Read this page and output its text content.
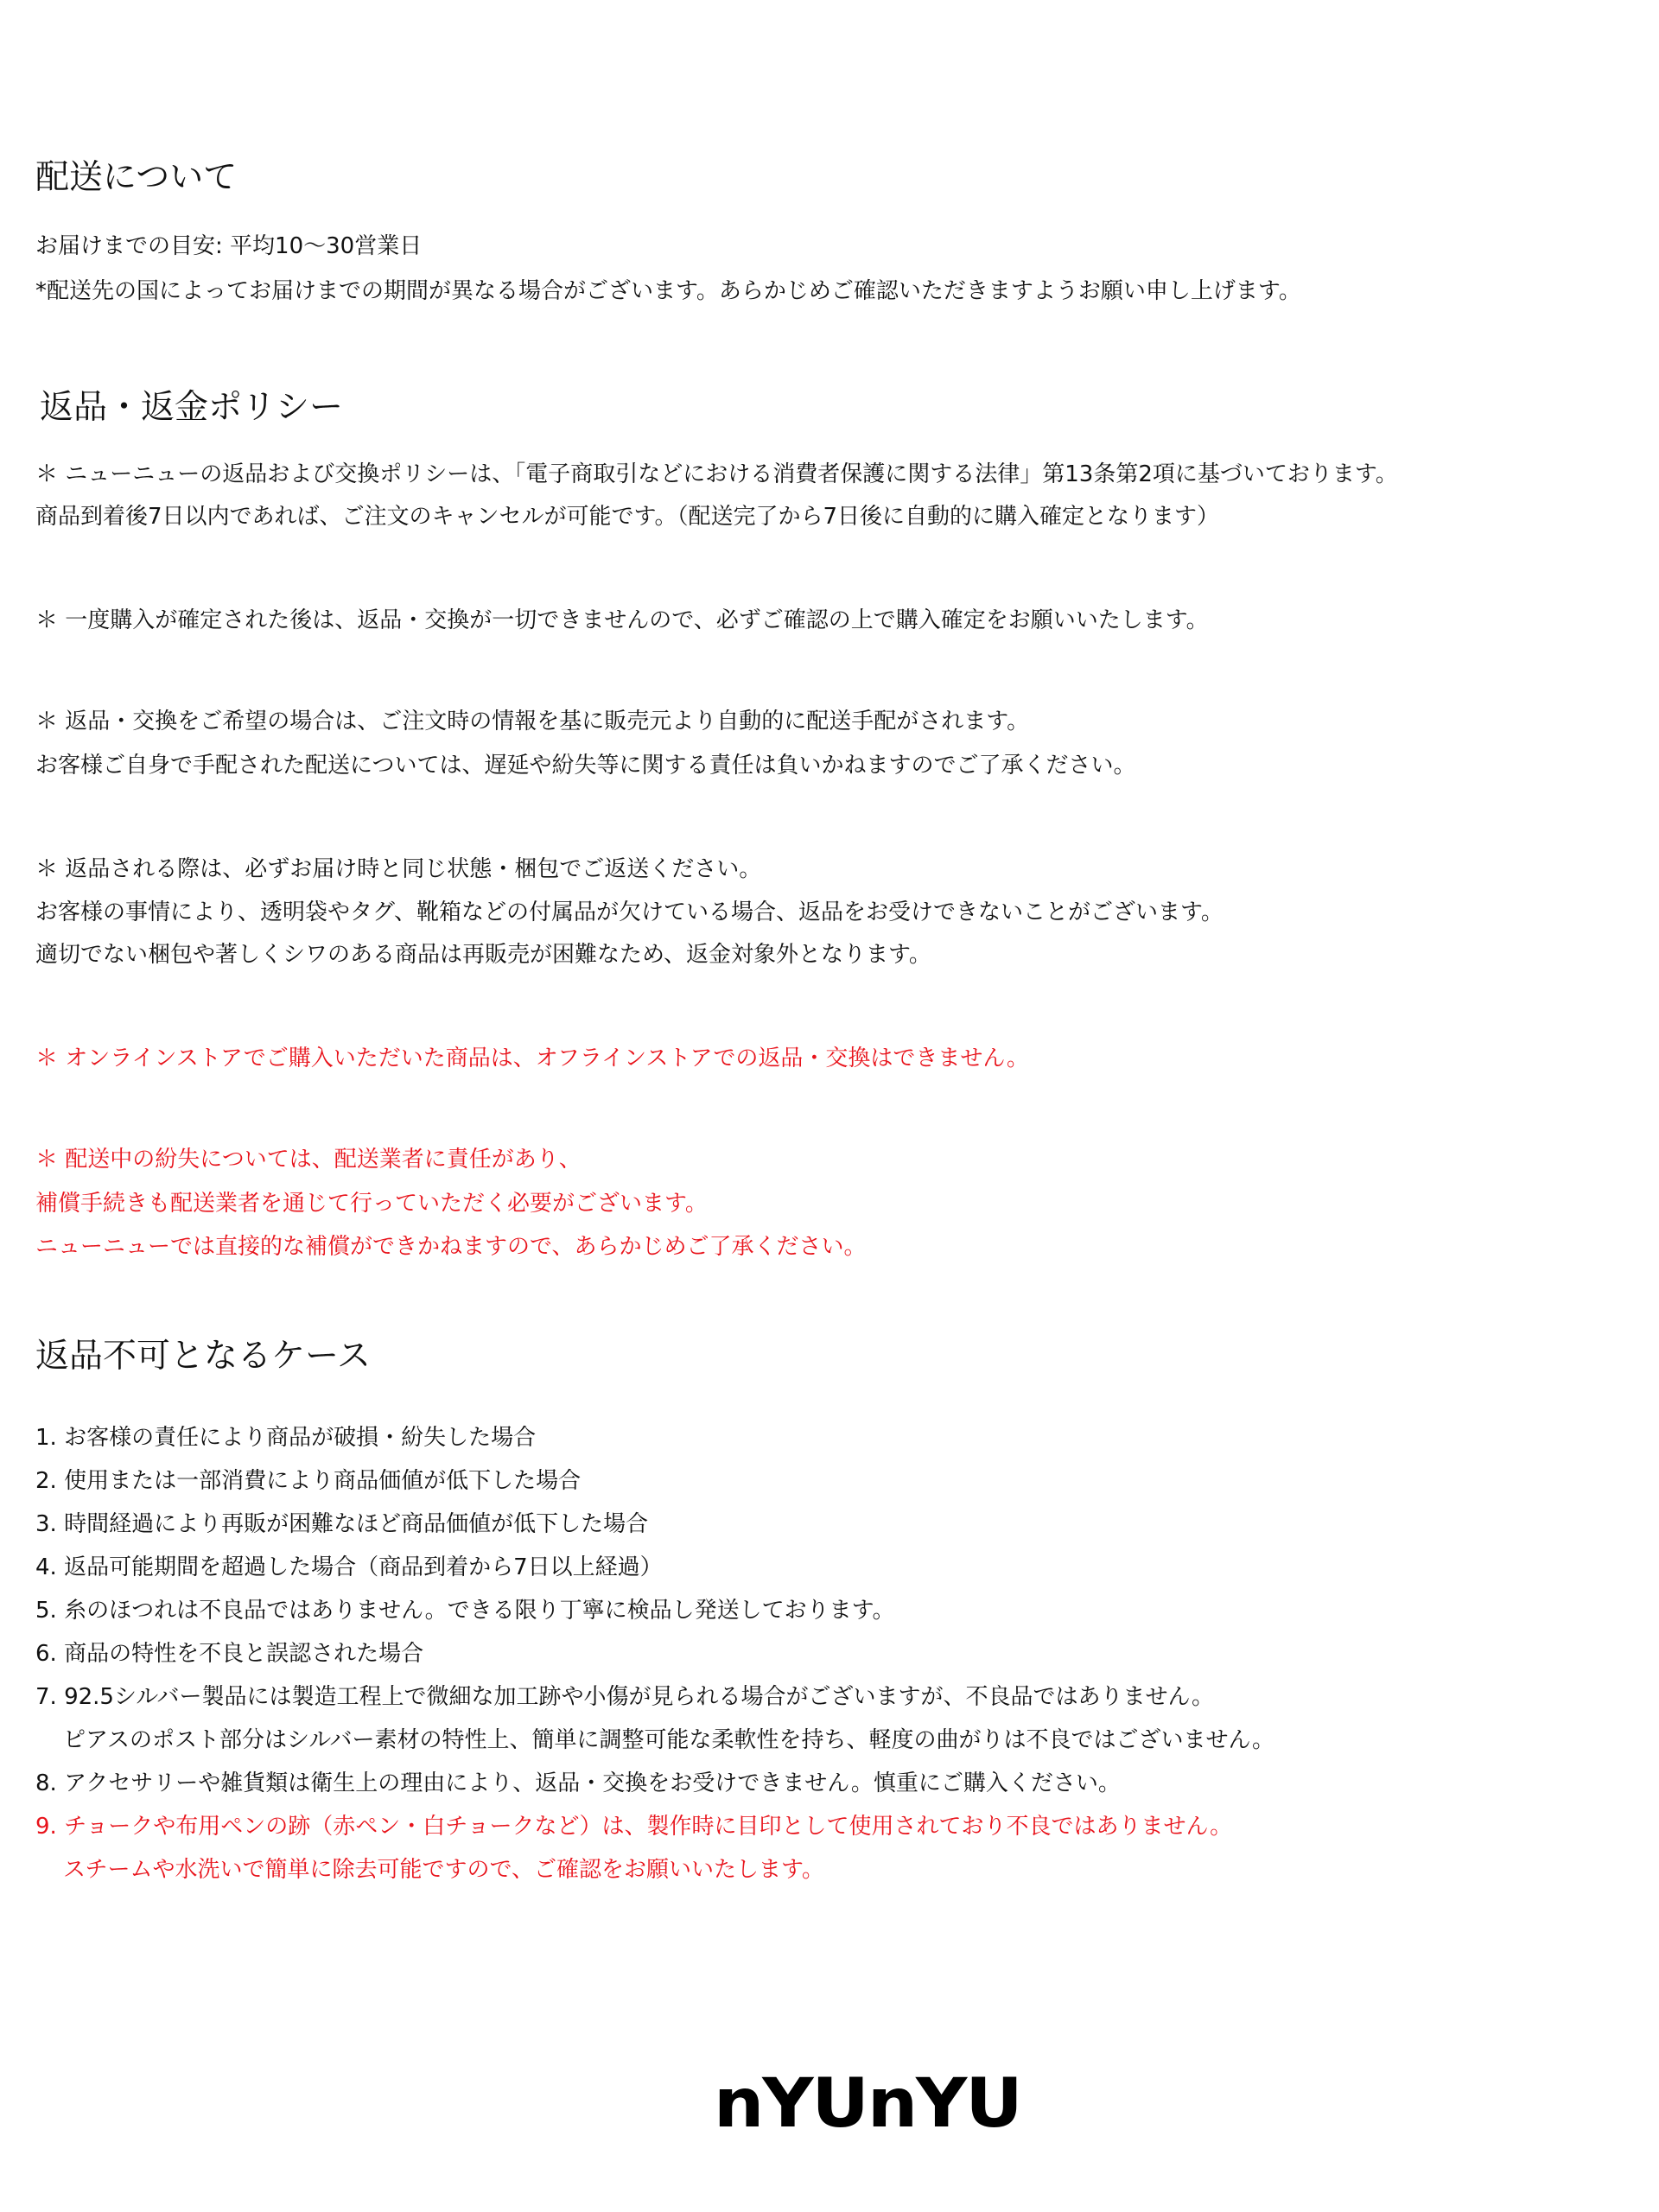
配送について

お届けまでの目安: 平均10〜30営業日

*配送先の国によってお届けまでの期間が異なる場合がございます。あらかじめご確認いただきますようお願い申し上げます。

返品・返金ポリシー

＊ ニューニューの返品および交換ポリシーは、「電子商取引などにおける消費者保護に関する法律」第13条第2項に基づいております。

商品到着後7日以内であれば、ご注文のキャンセルが可能です。（配送完了から7日後に自動的に購入確定となります）

＊ 一度購入が確定された後は、返品・交換が一切できませんので、必ずご確認の上で購入確定をお願いいたします。

＊ 返品・交換をご希望の場合は、ご注文時の情報を基に販売元より自動的に配送手配がされます。

お客様ご自身で手配された配送については、遅延や紛失等に関する責任は負いかねますのでご了承ください。

＊ 返品される際は、必ずお届け時と同じ状態・梱包でご返送ください。

お客様の事情により、透明袋やタグ、靴箱などの付属品が欠けている場合、返品をお受けできないことがございます。

適切でない梱包や著しくシワのある商品は再販売が困難なため、返金対象外となります。

＊ オンラインストアでご購入いただいた商品は、オフラインストアでの返品・交換はできません。

＊ 配送中の紛失については、配送業者に責任があり、

補償手続きも配送業者を通じて行っていただく必要がございます。

ニューニューでは直接的な補償ができかねますので、あらかじめご了承ください。

返品不可となるケース

1. お客様の責任により商品が破損・紛失した場合

2. 使用または一部消費により商品価値が低下した場合

3. 時間経過により再販が困難なほど商品価値が低下した場合

4. 返品可能期間を超過した場合（商品到着から7日以上経過）

5. 糸のほつれは不良品ではありません。できる限り丁寧に検品し発送しております。

6. 商品の特性を不良と誤認された場合

7. 92.5シルバー製品には製造工程上で微細な加工跡や小傷が見られる場合がございますが、不良品ではありません。

ピアスのポスト部分はシルバー素材の特性上、簡単に調整可能な柔軟性を持ち、軽度の曲がりは不良ではございません。

8. アクセサリーや雑貨類は衛生上の理由により、返品・交換をお受けできません。慎重にご購入ください。

9. チョークや布用ペンの跡（赤ペン・白チョークなど）は、製作時に目印として使用されており不良ではありません。

スチームや水洗いで簡単に除去可能ですので、ご確認をお願いいたします。

nYUnYU
